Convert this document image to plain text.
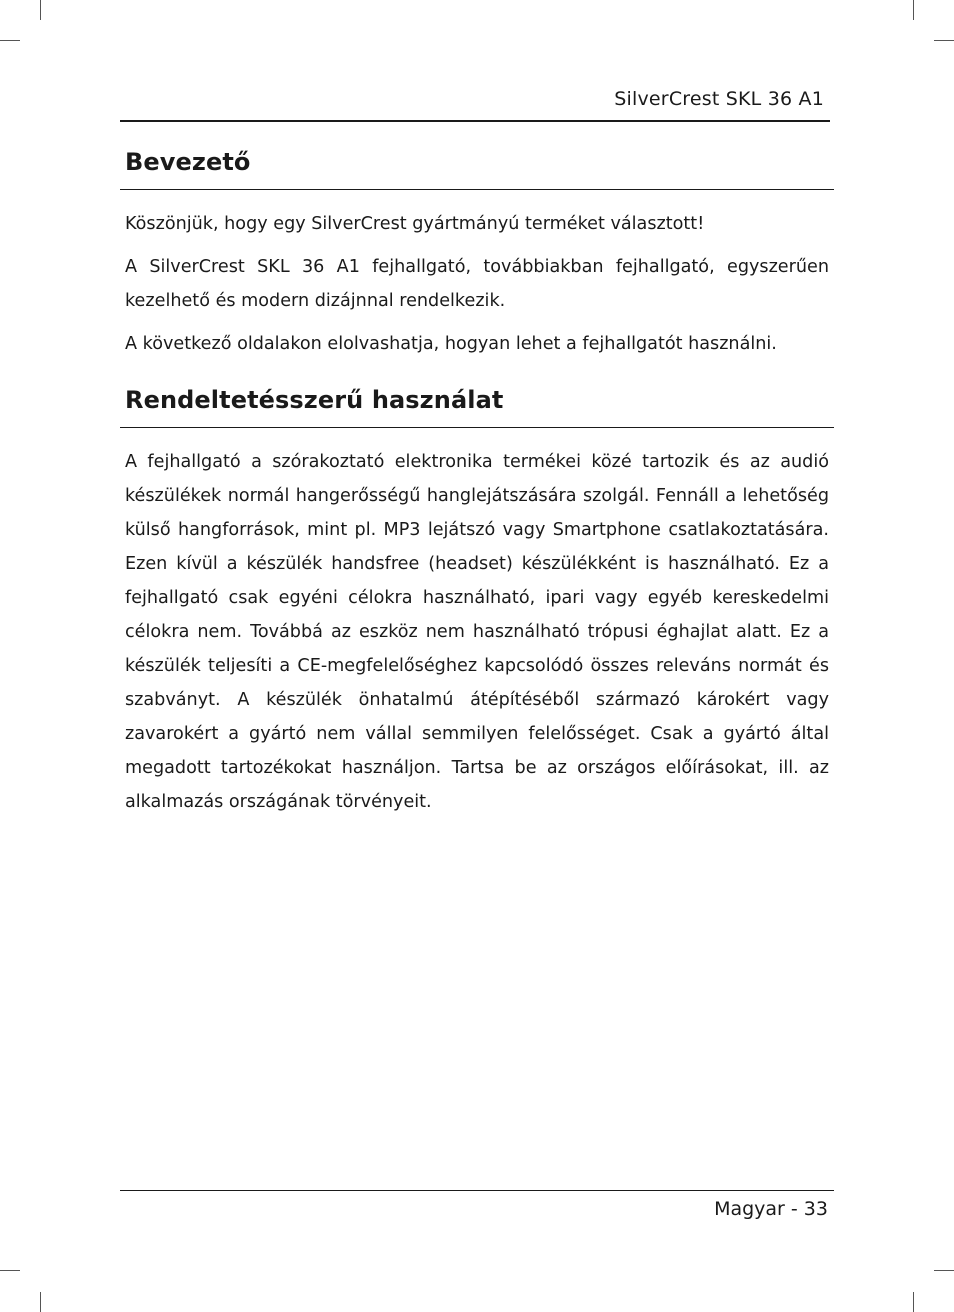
SilverCrest SKL 36 A1
Bevezető

Köszönjük, hogy egy SilverCrest gyártmányú terméket választott!

A SilverCrest SKL 36 A1 fejhallgató, továbbiakban fejhallgató, egyszerűen kezelhető és modern dizájnnal rendelkezik.

A következő oldalakon elolvashatja, hogyan lehet a fejhallgatót használni.

Rendeltetésszerű használat

A fejhallgató a szórakoztató elektronika termékei közé tartozik és az audió készülékek normál hangerősségű hanglejátszására szolgál. Fennáll a lehetőség külső hangforrások, mint pl. MP3 lejátszó vagy Smartphone csatlakoztatására. Ezen kívül a készülék handsfree (headset) készülékként is használható. Ez a fejhallgató csak egyéni célokra használható, ipari vagy egyéb kereskedelmi célokra nem. Továbbá az eszköz nem használható trópusi éghajlat alatt. Ez a készülék teljesíti a CE-megfelelőséghez kapcsolódó összes releváns normát és szabványt. A készülék önhatalmú átépítéséből származó károkért vagy zavarokért a gyártó nem vállal semmilyen felelősséget. Csak a gyártó által megadott tartozékokat használjon. Tartsa be az országos előírásokat, ill. az alkalmazás országának törvényeit.

Magyar - 33
